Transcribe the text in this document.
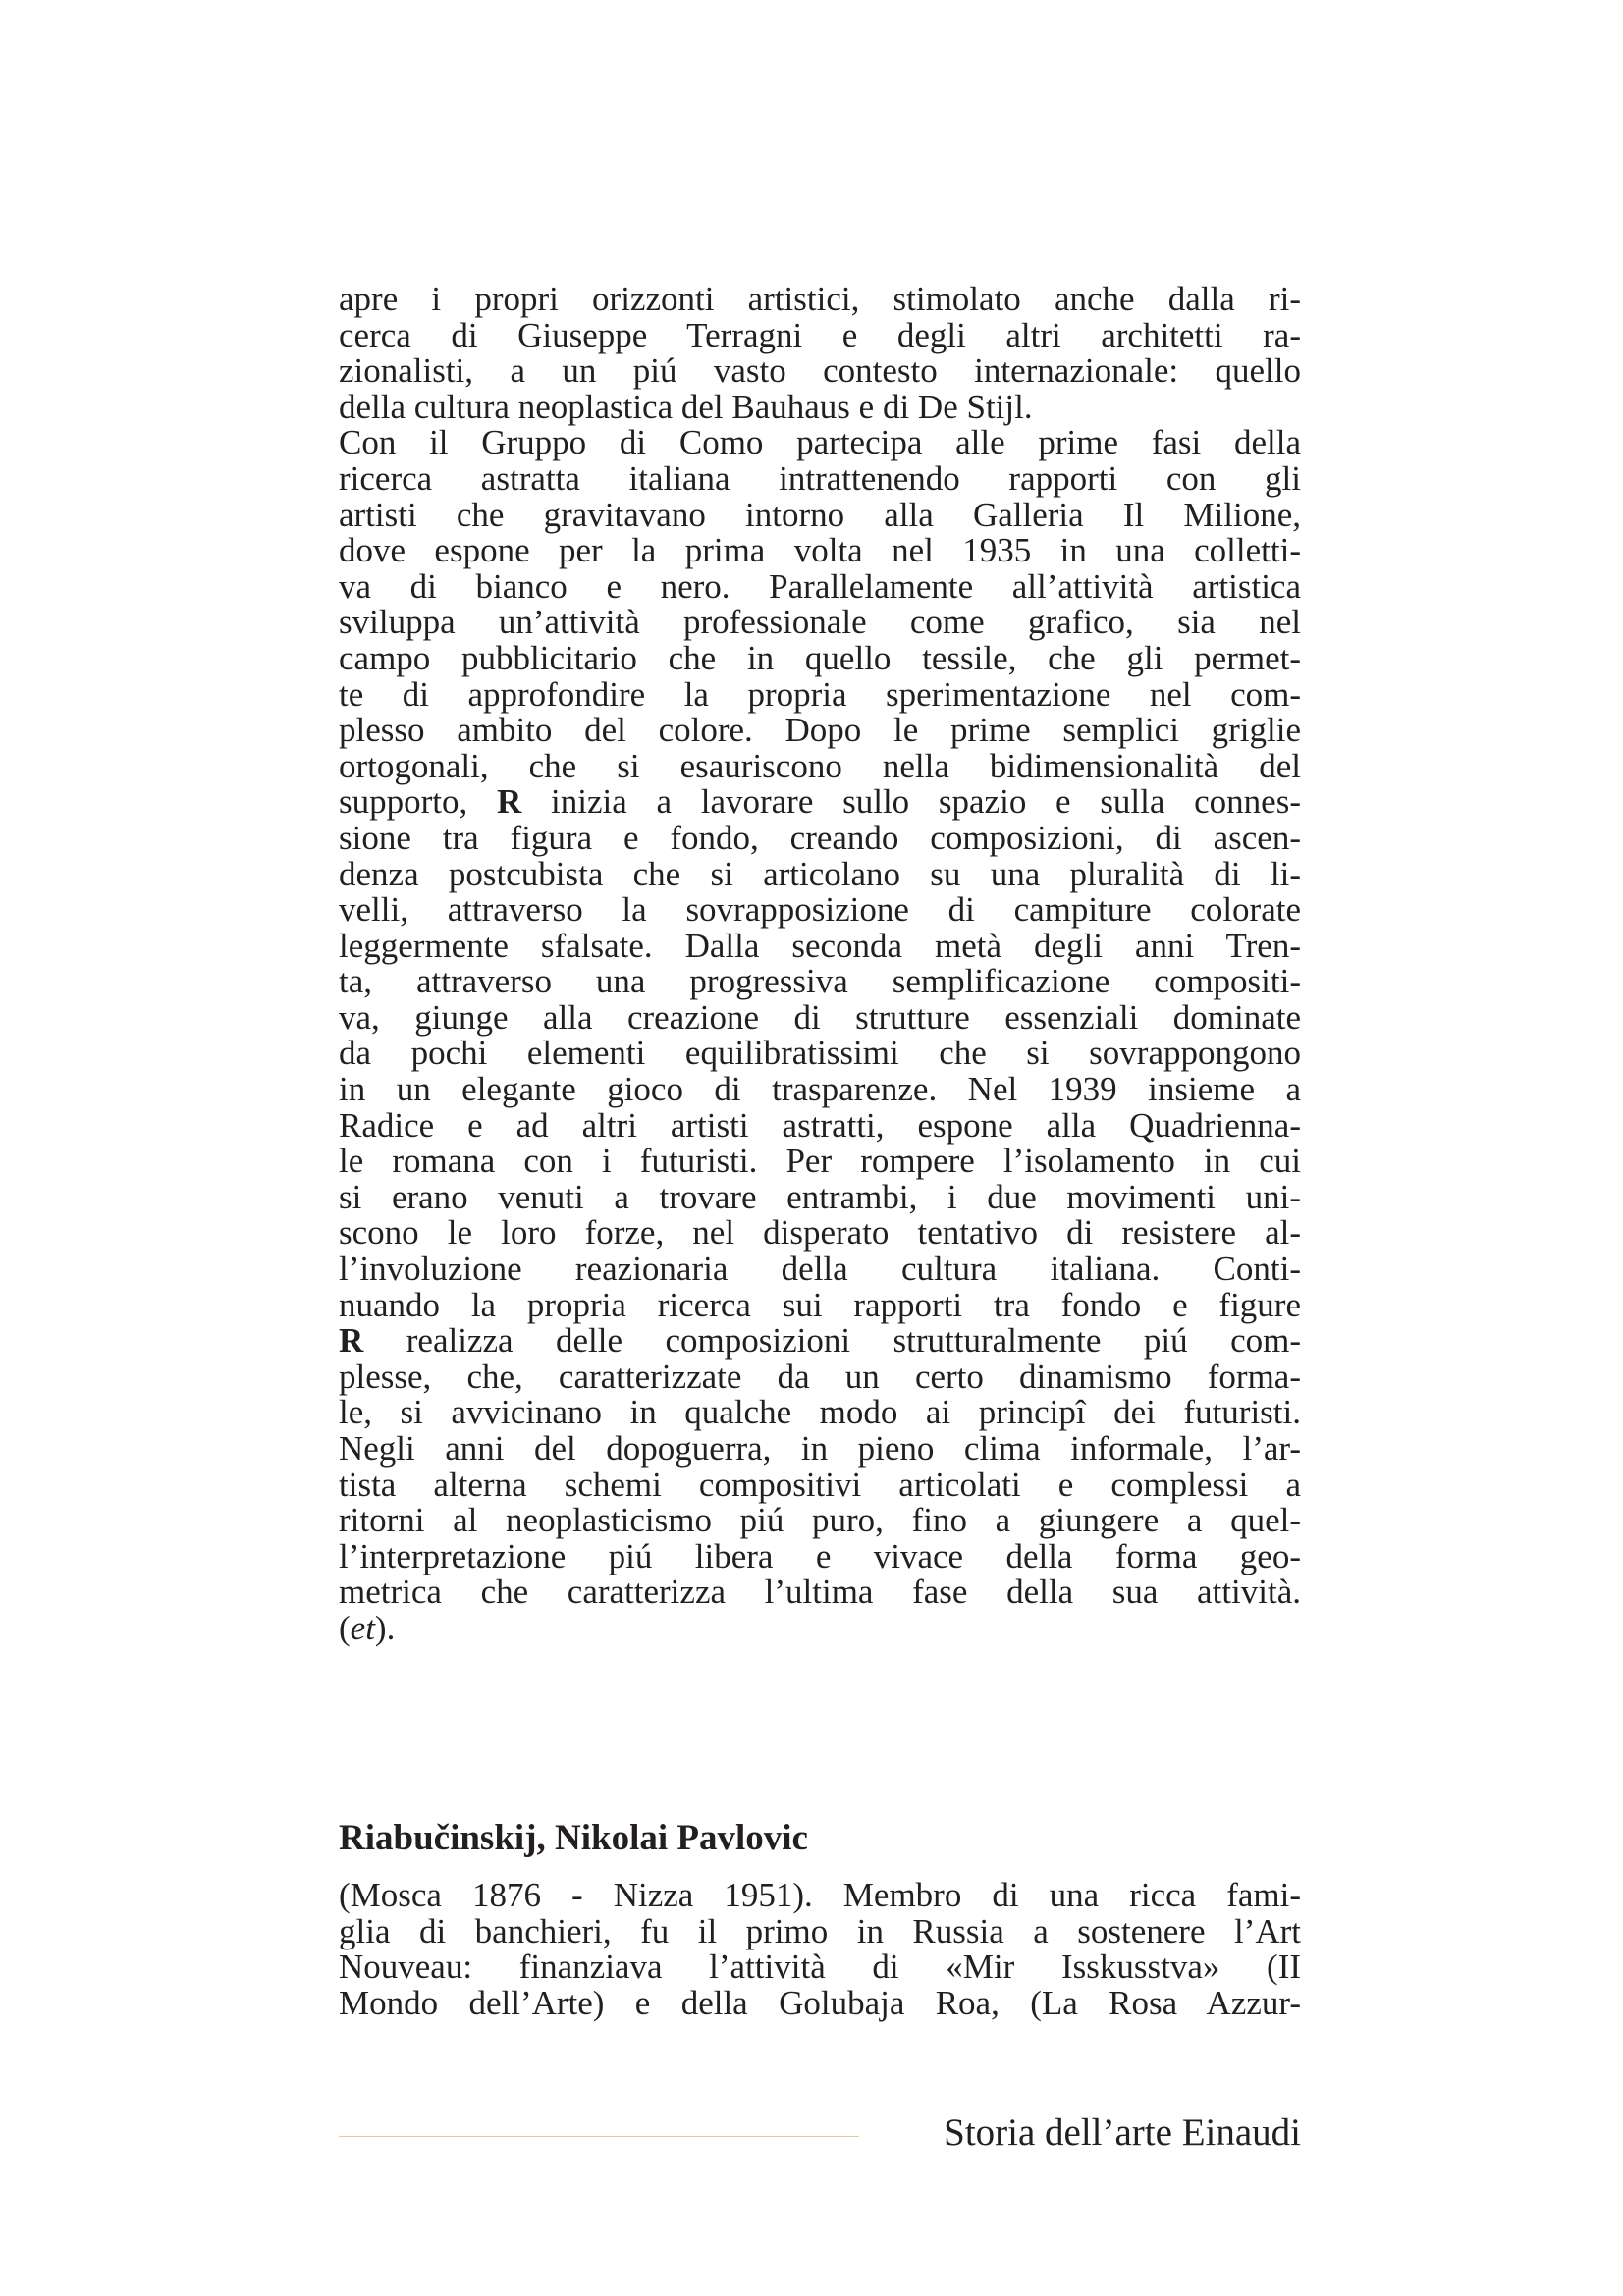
apre i propri orizzonti artistici, stimolato anche dalla ri-
cerca di Giuseppe Terragni e degli altri architetti ra-
zionalisti, a un piú vasto contesto internazionale: quello
della cultura neoplastica del Bauhaus e di De Stijl.
Con il Gruppo di Como partecipa alle prime fasi della
ricerca astratta italiana intrattenendo rapporti con gli
artisti che gravitavano intorno alla Galleria Il Milione,
dove espone per la prima volta nel 1935 in una colletti-
va di bianco e nero. Parallelamente all’attività artistica
sviluppa un’attività professionale come grafico, sia nel
campo pubblicitario che in quello tessile, che gli permet-
te di approfondire la propria sperimentazione nel com-
plesso ambito del colore. Dopo le prime semplici griglie
ortogonali, che si esauriscono nella bidimensionalità del
supporto, R inizia a lavorare sullo spazio e sulla connes-
sione tra figura e fondo, creando composizioni, di ascen-
denza postcubista che si articolano su una pluralità di li-
velli, attraverso la sovrapposizione di campiture colorate
leggermente sfalsate. Dalla seconda metà degli anni Tren-
ta, attraverso una progressiva semplificazione compositi-
va, giunge alla creazione di strutture essenziali dominate
da pochi elementi equilibratissimi che si sovrappongono
in un elegante gioco di trasparenze. Nel 1939 insieme a
Radice e ad altri artisti astratti, espone alla Quadrienna-
le romana con i futuristi. Per rompere l’isolamento in cui
si erano venuti a trovare entrambi, i due movimenti uni-
scono le loro forze, nel disperato tentativo di resistere al-
l’involuzione reazionaria della cultura italiana. Conti-
nuando la propria ricerca sui rapporti tra fondo e figure
R realizza delle composizioni strutturalmente piú com-
plesse, che, caratterizzate da un certo dinamismo forma-
le, si avvicinano in qualche modo ai principî dei futuristi.
Negli anni del dopoguerra, in pieno clima informale, l’ar-
tista alterna schemi compositivi articolati e complessi a
ritorni al neoplasticismo piú puro, fino a giungere a quel-
l’interpretazione piú libera e vivace della forma geo-
metrica che caratterizza l’ultima fase della sua attività.
(et).
Riabučinskij, Nikolai Pavlovic
(Mosca 1876 - Nizza 1951). Membro di una ricca fami-
glia di banchieri, fu il primo in Russia a sostenere l’Art
Nouveau: finanziava l’attività di «Mir Isskusstva» (II
Mondo dell’Arte) e della Golubaja Roa, (La Rosa Azzur-
Storia dell’arte Einaudi
